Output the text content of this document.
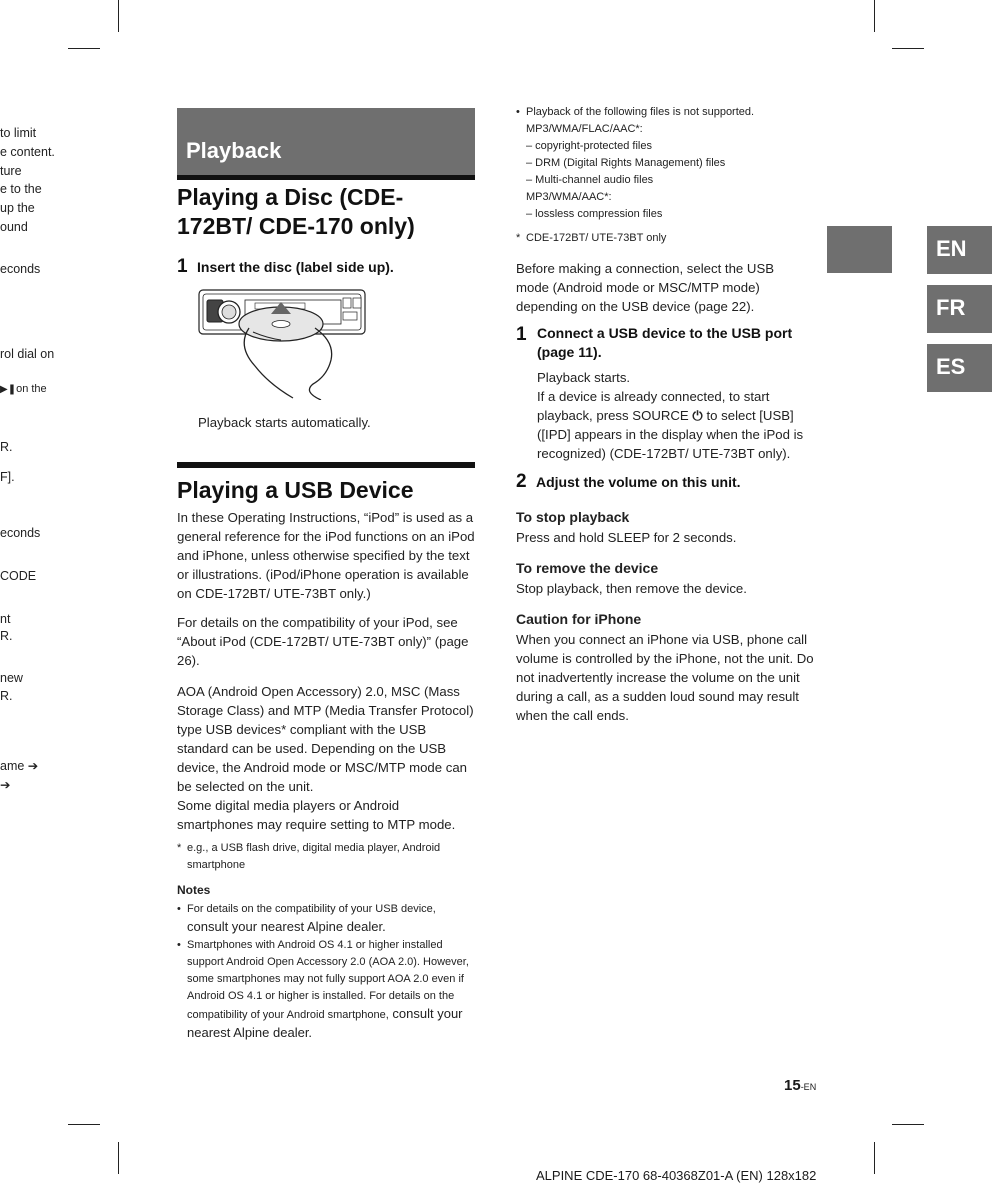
to limit
e content.
ture
e to the
up the
ound
econds
rol dial on
▶❚on the
R.
F].
econds
CODE
nt
R.
new
R.
ame ➔
➔
Playback
Playing a Disc (CDE-172BT/ CDE-170 only)
1 Insert the disc (label side up).
Playback starts automatically.
Playing a USB Device
In these Operating Instructions, “iPod” is used as a general reference for the iPod functions on an iPod and iPhone, unless otherwise specified by the text or illustrations. (iPod/iPhone operation is available on CDE-172BT/ UTE-73BT only.)
For details on the compatibility of your iPod, see “About iPod (CDE-172BT/ UTE-73BT only)” (page 26).
AOA (Android Open Accessory) 2.0, MSC (Mass Storage Class) and MTP (Media Transfer Protocol) type USB devices* compliant with the USB standard can be used. Depending on the USB device, the Android mode or MSC/MTP mode can be selected on the unit.
Some digital media players or Android smartphones may require setting to MTP mode.
* e.g., a USB flash drive, digital media player, Android smartphone
Notes
• For details on the compatibility of your USB device,
consult your nearest Alpine dealer.
• Smartphones with Android OS 4.1 or higher installed support Android Open Accessory 2.0 (AOA 2.0). However, some smartphones may not fully support AOA 2.0 even if Android OS 4.1 or higher is installed. For details on the compatibility of your Android smartphone, consult your nearest Alpine dealer.
• Playback of the following files is not supported.
MP3/WMA/FLAC/AAC*:
– copyright-protected files
– DRM (Digital Rights Management) files
– Multi-channel audio files
MP3/WMA/AAC*:
– lossless compression files
* CDE-172BT/ UTE-73BT only
Before making a connection, select the USB mode (Android mode or MSC/MTP mode) depending on the USB device (page 22).
1 Connect a USB device to the USB port (page 11).
Playback starts.
If a device is already connected, to start playback, press SOURCE ⏻ to select [USB] ([IPD] appears in the display when the iPod is recognized) (CDE-172BT/ UTE-73BT only).
2 Adjust the volume on this unit.
To stop playback
Press and hold SLEEP for 2 seconds.
To remove the device
Stop playback, then remove the device.
Caution for iPhone
When you connect an iPhone via USB, phone call volume is controlled by the iPhone, not the unit. Do not inadvertently increase the volume on the unit during a call, as a sudden loud sound may result when the call ends.
EN
FR
ES
15-EN
ALPINE CDE-170 68-40368Z01-A (EN) 128x182
